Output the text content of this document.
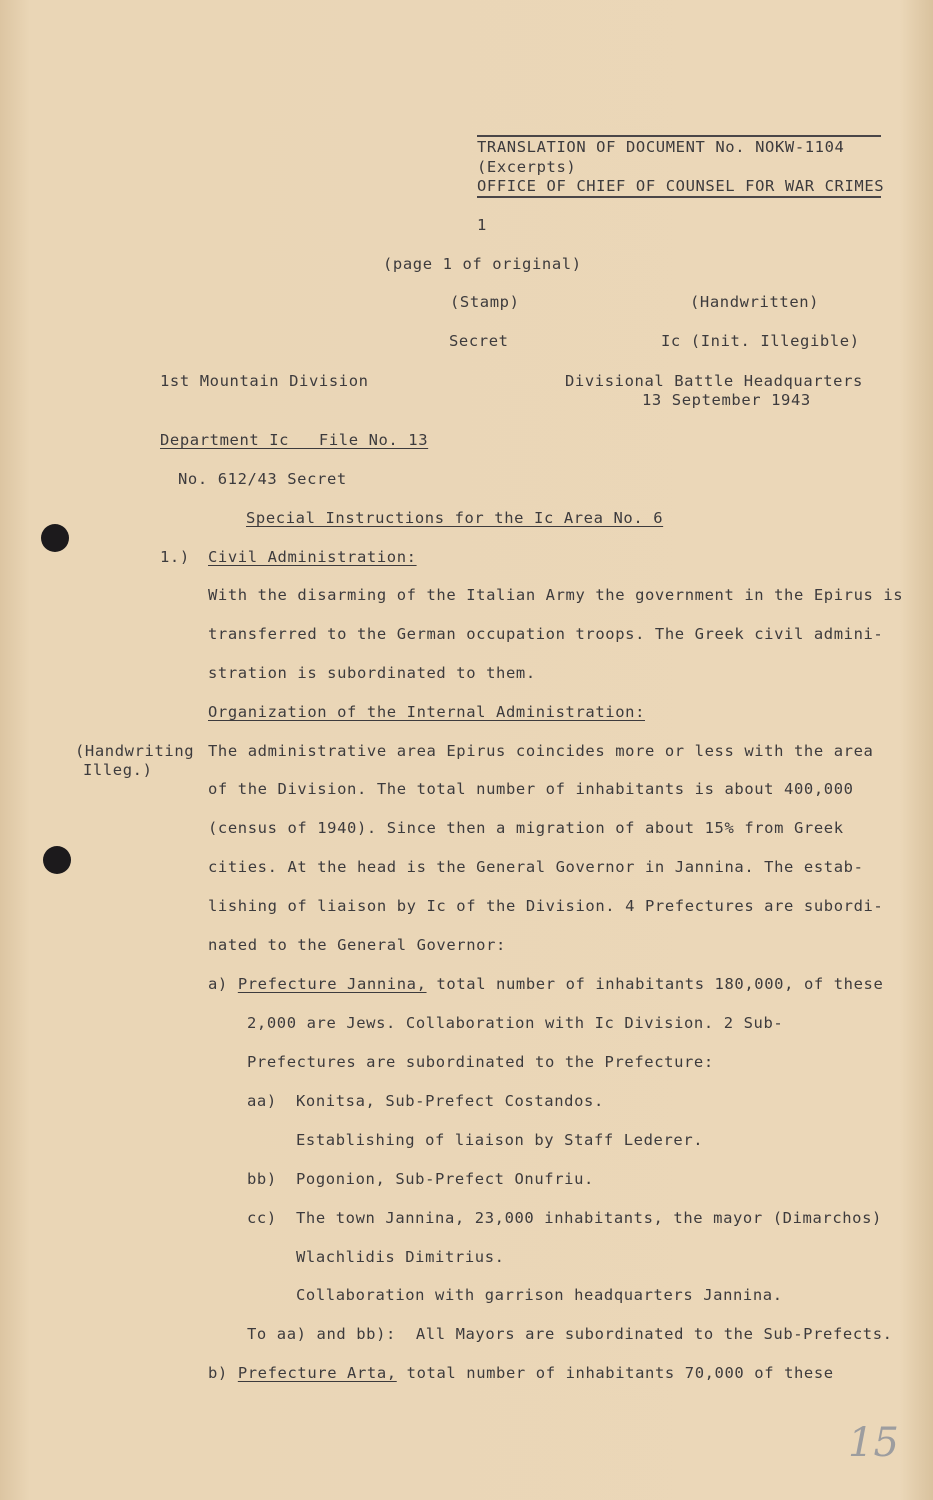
TRANSLATION OF DOCUMENT No. NOKW-1104
(Excerpts)
OFFICE OF CHIEF OF COUNSEL FOR WAR CRIMES
1
(page 1 of original)
(Stamp)	(Handwritten)
Secret	Ic (Init. Illegible)
1st Mountain Division	Divisional Battle Headquarters
13 September 1943
Department Ic   File No. 13
No. 612/43 Secret
Special Instructions for the Ic Area No. 6
1.) Civil Administration:
With the disarming of the Italian Army the government in the Epirus is
transferred to the German occupation troops. The Greek civil admini-
stration is subordinated to them.
Organization of the Internal Administration:
(Handwriting
Illeg.)
The administrative area Epirus coincides more or less with the area
of the Division. The total number of inhabitants is about 400,000
(census of 1940). Since then a migration of about 15% from Greek
cities. At the head is the General Governor in Jannina. The estab-
lishing of liaison by Ic of the Division. 4 Prefectures are subordi-
nated to the General Governor:
a) Prefecture Jannina, total number of inhabitants 180,000, of these
2,000 are Jews. Collaboration with Ic Division. 2 Sub-
Prefectures are subordinated to the Prefecture:
aa) Konitsa, Sub-Prefect Costandos.
Establishing of liaison by Staff Lederer.
bb) Pogonion, Sub-Prefect Onufriu.
cc) The town Jannina, 23,000 inhabitants, the mayor (Dimarchos)
Wlachlidis Dimitrius.
Collaboration with garrison headquarters Jannina.
To aa) and bb):  All Mayors are subordinated to the Sub-Prefects.
b) Prefecture Arta, total number of inhabitants 70,000 of these
15
